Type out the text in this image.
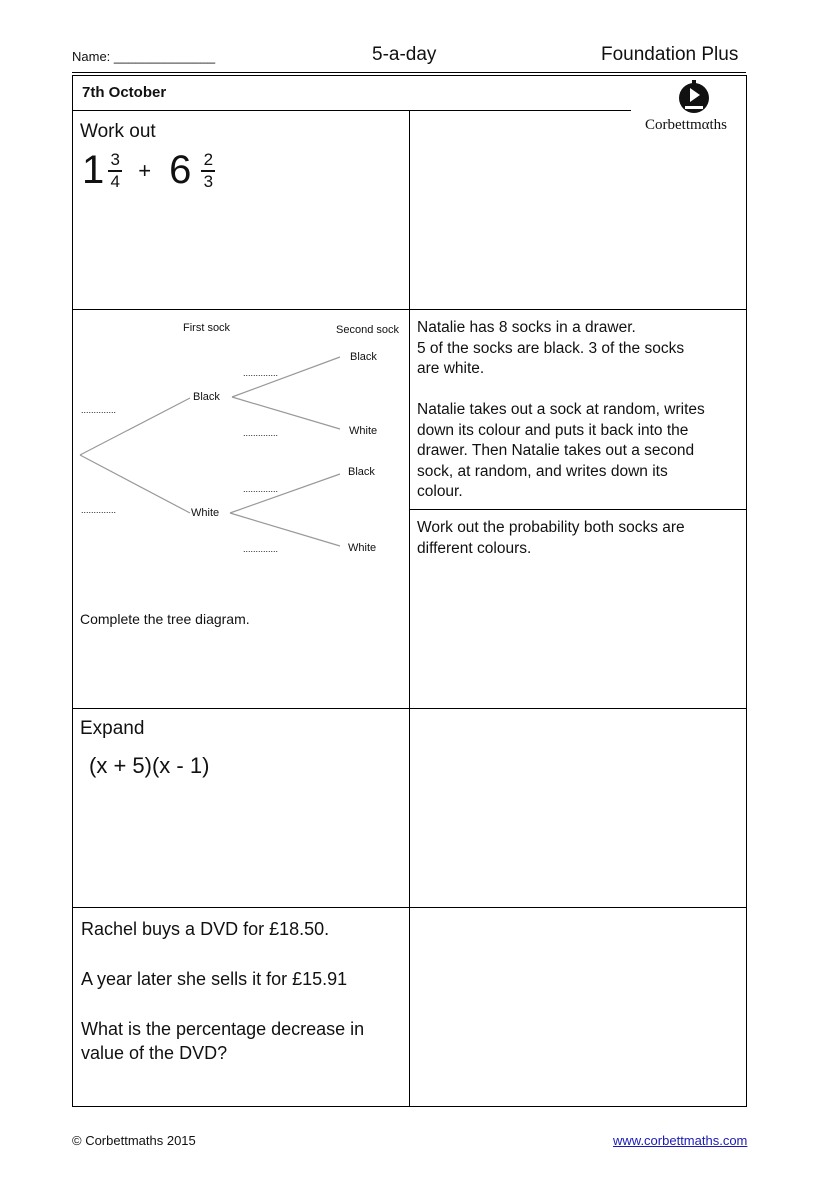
Name: ______________	5-a-day	Foundation Plus
7th October
Corbettmαths
Work out
$1 \frac{3}{4} + 6 \frac{2}{3}$
First sock	Second sock
Black
White
Black
White
Black
White
..............
..............
..............
..............
..............
..............
Complete the tree diagram.
Natalie has 8 socks in a drawer.
5 of the socks are black. 3 of the socks
are white.
Natalie takes out a sock at random, writes
down its colour and puts it back into the
drawer. Then Natalie takes out a second
sock, at random, and writes down its
colour.
Work out the probability both socks are
different colours.
Expand
(x + 5)(x - 1)
Rachel buys a DVD for £18.50.
A year later she sells it for £15.91
What is the percentage decrease in
value of the DVD?
© Corbettmaths 2015	www.corbettmaths.com
